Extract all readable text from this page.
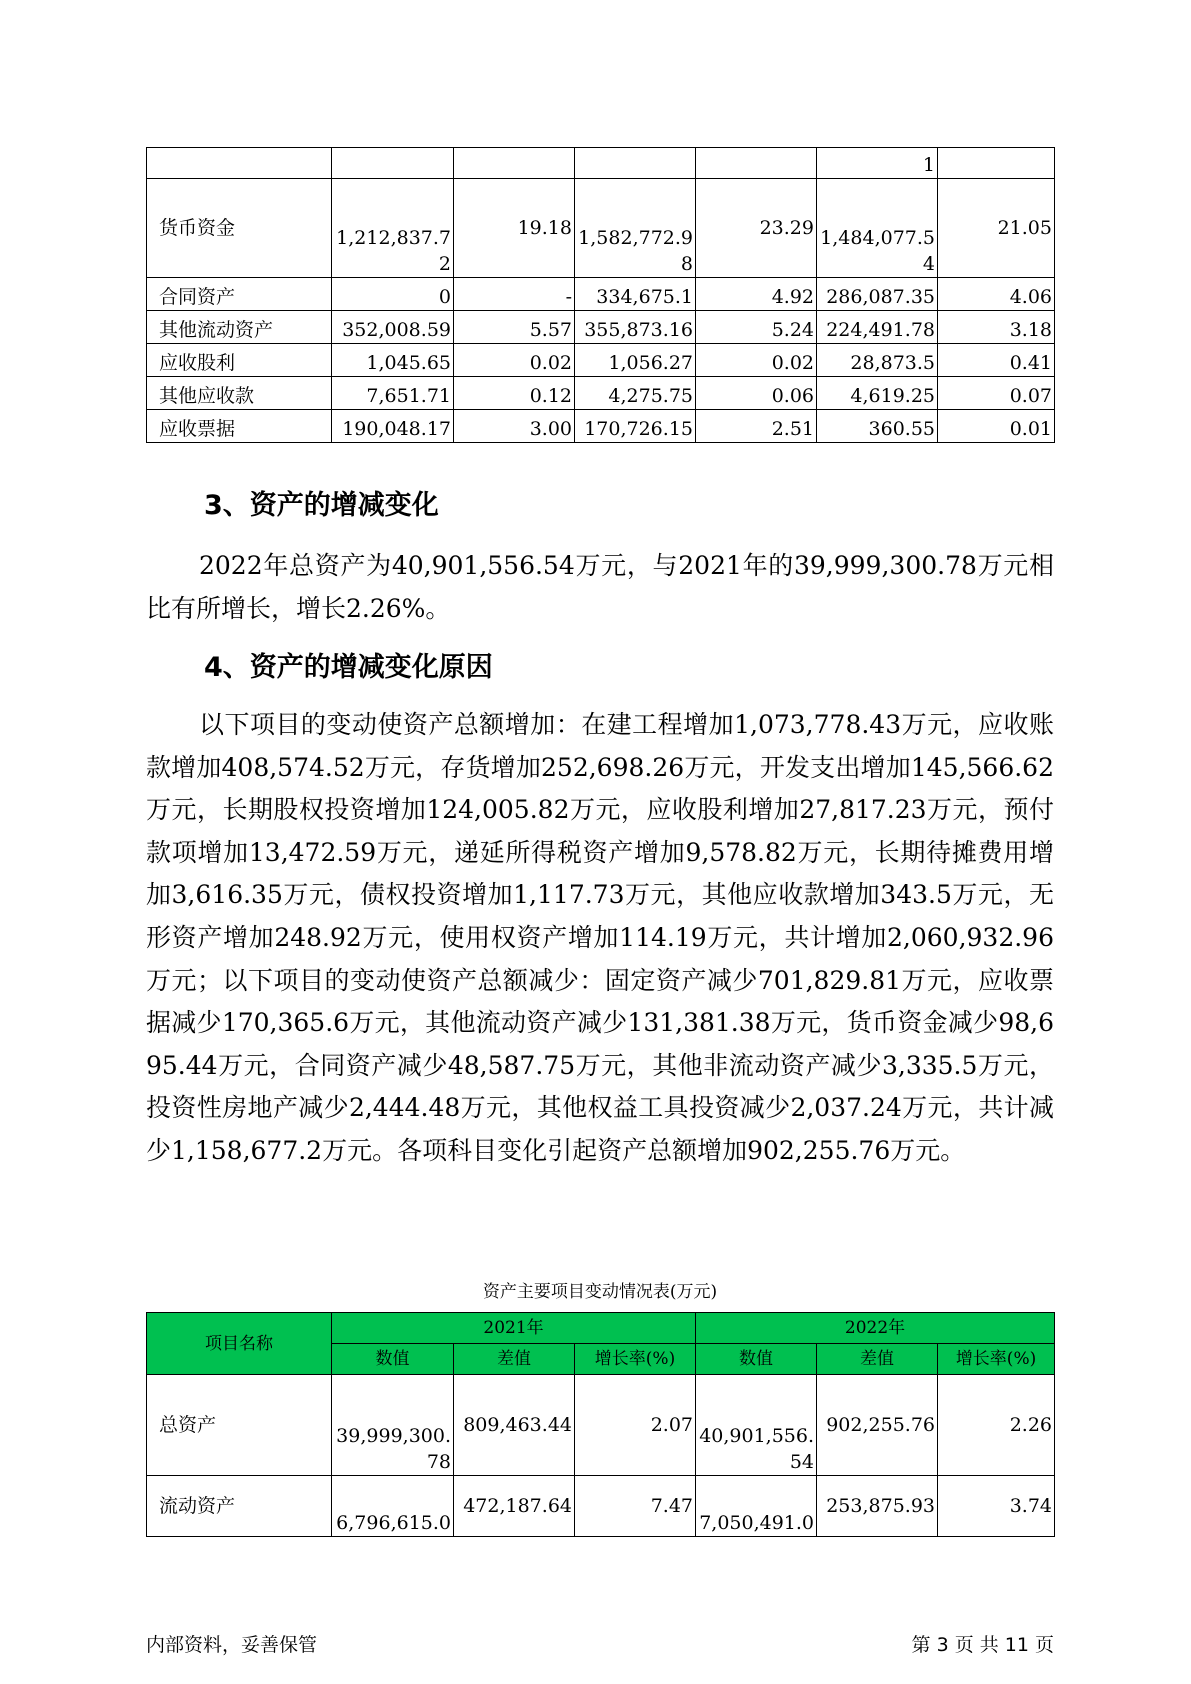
					1	
货币资金	1,212,837.72	19.18	1,582,772.98	23.29	1,484,077.54	21.05
合同资产	0	-	334,675.1	4.92	286,087.35	4.06
其他流动资产	352,008.59	5.57	355,873.16	5.24	224,491.78	3.18
应收股利	1,045.65	0.02	1,056.27	0.02	28,873.5	0.41
其他应收款	7,651.71	0.12	4,275.75	0.06	4,619.25	0.07
应收票据	190,048.17	3.00	170,726.15	2.51	360.55	0.01
3、资产的增减变化

2022年总资产为40,901,556.54万元，与2021年的39,999,300.78万元相比有所增长，增长2.26%。

4、资产的增减变化原因

以下项目的变动使资产总额增加：在建工程增加1,073,778.43万元，应收账款增加408,574.52万元，存货增加252,698.26万元，开发支出增加145,566.62万元，长期股权投资增加124,005.82万元，应收股利增加27,817.23万元，预付款项增加13,472.59万元，递延所得税资产增加9,578.82万元，长期待摊费用增加3,616.35万元，债权投资增加1,117.73万元，其他应收款增加343.5万元，无形资产增加248.92万元，使用权资产增加114.19万元，共计增加2,060,932.96万元；以下项目的变动使资产总额减少：固定资产减少701,829.81万元，应收票据减少170,365.6万元，其他流动资产减少131,381.38万元，货币资金减少98,695.44万元，合同资产减少48,587.75万元，其他非流动资产减少3,335.5万元，投资性房地产减少2,444.48万元，其他权益工具投资减少2,037.24万元，共计减少1,158,677.2万元。各项科目变化引起资产总额增加902,255.76万元。

资产主要项目变动情况表(万元)
项目名称	2021年			2022年		
	数值	差值	增长率(%)	数值	差值	增长率(%)
总资产	39,999,300.78	809,463.44	2.07	40,901,556.54	902,255.76	2.26
流动资产	6,796,615.0	472,187.64	7.47	7,050,491.0	253,875.93	3.74
内部资料，妥善保管	第 3 页 共 11 页
